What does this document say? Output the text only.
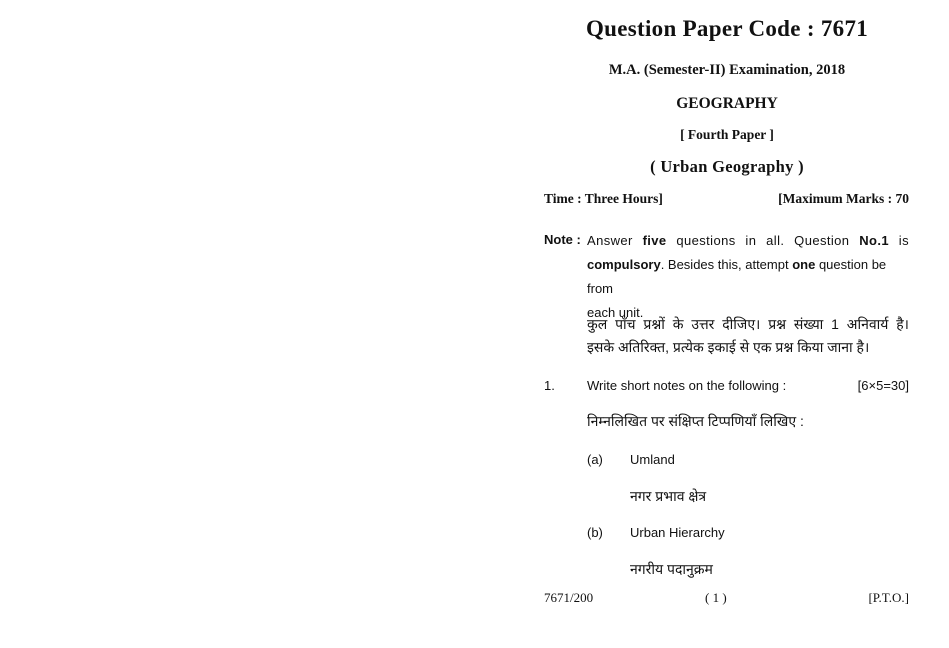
Question Paper Code : 7671
M.A. (Semester-II) Examination, 2018
GEOGRAPHY
[ Fourth Paper ]
( Urban Geography )
Time : Three Hours]	[Maximum Marks : 70
Note : Answer five questions in all. Question No.1 is
compulsory. Besides this, attempt one question be from
each unit.
कुल पाँच प्रश्नों के उत्तर दीजिए। प्रश्न संख्या 1 अनिवार्य है।
इसके अतिरिक्त, प्रत्येक इकाई से एक प्रश्न किया जाना है।
1. Write short notes on the following :	[6×5=30]
निम्नलिखित पर संक्षिप्त टिप्पणियाँ लिखिए :
(a) Umland
नगर प्रभाव क्षेत्र
(b) Urban Hierarchy
नगरीय पदानुक्रम
7671/200	( 1 )	[P.T.O.]
